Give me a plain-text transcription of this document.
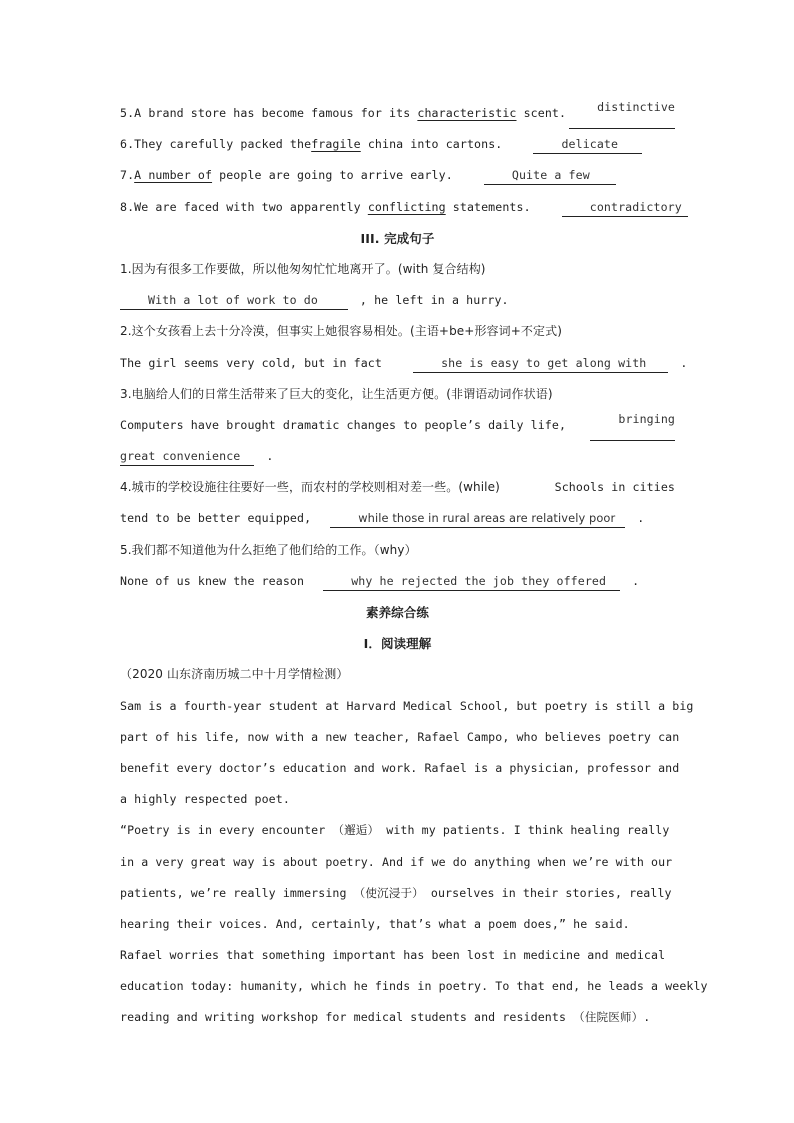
5.A brand store has become famous for its characteristic scent.	distinctive
6.They carefully packed thefragile china into cartons.	delicate
7.A number of people are going to arrive early.	Quite a few
8.We are faced with two apparently conflicting statements.	contradictory
III. 完成句子
1.因为有很多工作要做，所以他匆匆忙忙地离开了。(with 复合结构)
With a lot of work to do	, he left in a hurry.
2.这个女孩看上去十分冷漠，但事实上她很容易相处。(主语+be+形容词+不定式)
The girl seems very cold, but in fact	she is easy to get along with	.
3.电脑给人们的日常生活带来了巨大的变化，让生活更方便。(非谓语动词作状语)
Computers have brought dramatic changes to people’s daily life,	bringing
great convenience .
4.城市的学校设施往往要好一些，而农村的学校则相对差一些。(while)	Schools in cities
tend to be better equipped,	while those in rural areas are relatively poor .
5.我们都不知道他为什么拒绝了他们给的工作。（why）
None of us knew the reason	why he rejected the job they offered .
素养综合练
I．阅读理解
（2020 山东济南历城二中十月学情检测）
Sam is a fourth-year student at Harvard Medical School, but poetry is still a big
part of his life, now with a new teacher, Rafael Campo, who believes poetry can
benefit every doctor’s education and work. Rafael is a physician, professor and
a highly respected poet.
“Poetry is in every encounter （邂逅） with my patients. I think healing really
in a very great way is about poetry. And if we do anything when we’re with our
patients, we’re really immersing （使沉浸于） ourselves in their stories, really
hearing their voices. And, certainly, that’s what a poem does,” he said.
Rafael worries that something important has been lost in medicine and medical
education today: humanity, which he finds in poetry. To that end, he leads a weekly
reading and writing workshop for medical students and residents （住院医师）.
